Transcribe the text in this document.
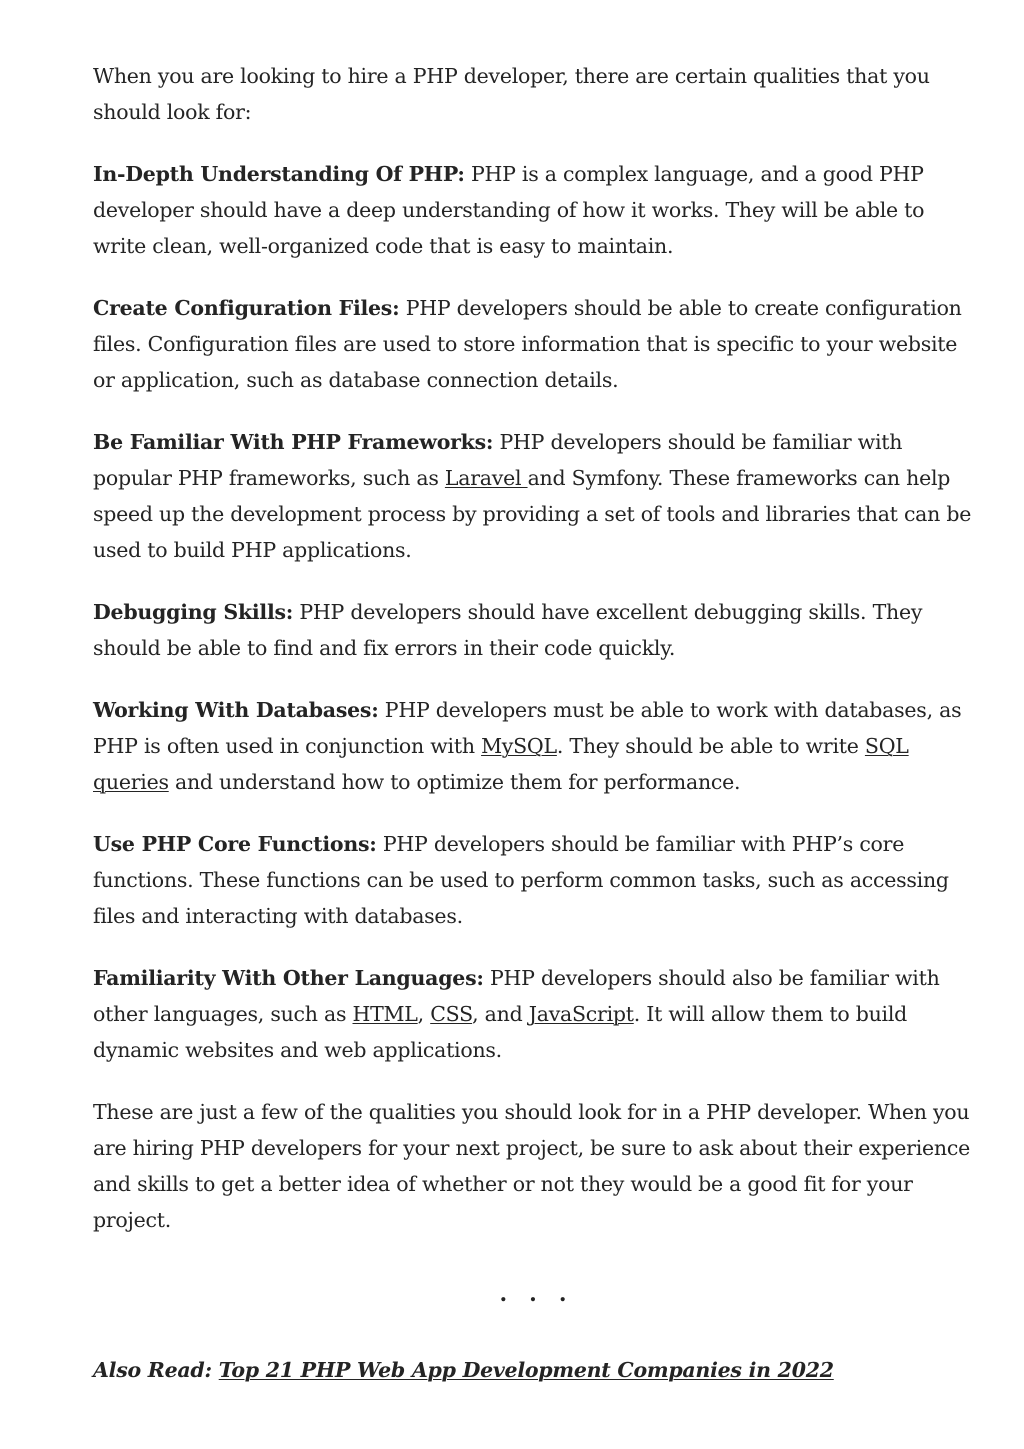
When you are looking to hire a PHP developer, there are certain qualities that you should look for:

In-Depth Understanding Of PHP: PHP is a complex language, and a good PHP developer should have a deep understanding of how it works. They will be able to write clean, well-organized code that is easy to maintain.

Create Configuration Files: PHP developers should be able to create configuration files. Configuration files are used to store information that is specific to your website or application, such as database connection details.

Be Familiar With PHP Frameworks: PHP developers should be familiar with popular PHP frameworks, such as Laravel and Symfony. These frameworks can help speed up the development process by providing a set of tools and libraries that can be used to build PHP applications.

Debugging Skills: PHP developers should have excellent debugging skills. They should be able to find and fix errors in their code quickly.

Working With Databases: PHP developers must be able to work with databases, as PHP is often used in conjunction with MySQL. They should be able to write SQL queries and understand how to optimize them for performance.

Use PHP Core Functions: PHP developers should be familiar with PHP’s core functions. These functions can be used to perform common tasks, such as accessing files and interacting with databases.

Familiarity With Other Languages: PHP developers should also be familiar with other languages, such as HTML, CSS, and JavaScript. It will allow them to build dynamic websites and web applications.

These are just a few of the qualities you should look for in a PHP developer. When you are hiring PHP developers for your next project, be sure to ask about their experience and skills to get a better idea of whether or not they would be a good fit for your project.

...

Also Read: Top 21 PHP Web App Development Companies in 2022
